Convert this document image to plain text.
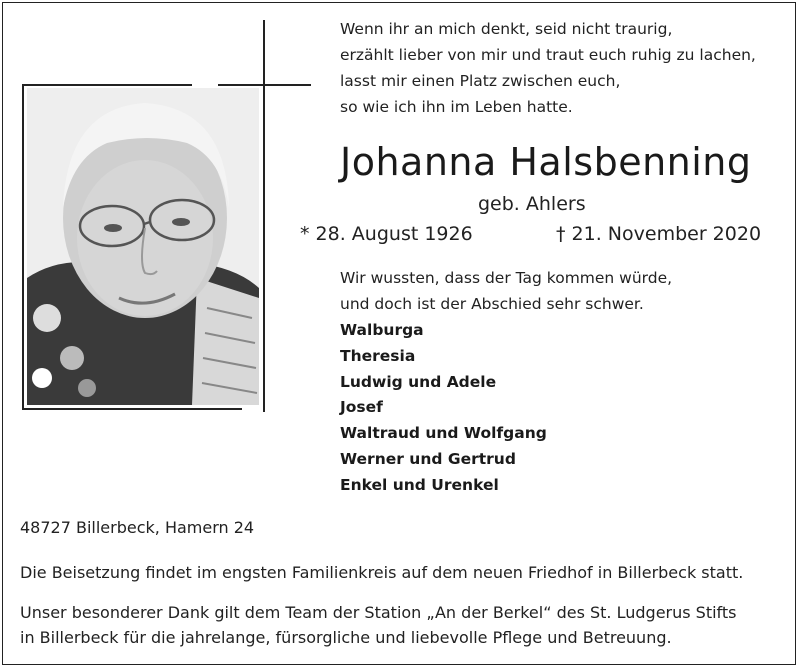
Wenn ihr an mich denkt, seid nicht traurig,
erzählt lieber von mir und traut euch ruhig zu lachen,
lasst mir einen Platz zwischen euch,
so wie ich ihn im Leben hatte.
Johanna Halsbenning
geb. Ahlers
* 28. August 1926	† 21. November 2020
Wir wussten, dass der Tag kommen würde,
und doch ist der Abschied sehr schwer.
Walburga
Theresia
Ludwig und Adele
Josef
Waltraud und Wolfgang
Werner und Gertrud
Enkel und Urenkel
48727 Billerbeck, Hamern 24
Die Beisetzung findet im engsten Familienkreis auf dem neuen Friedhof in Billerbeck statt.
Unser besonderer Dank gilt dem Team der Station „An der Berkel“ des St. Ludgerus Stifts
in Billerbeck für die jahrelange, fürsorgliche und liebevolle Pflege und Betreuung.
